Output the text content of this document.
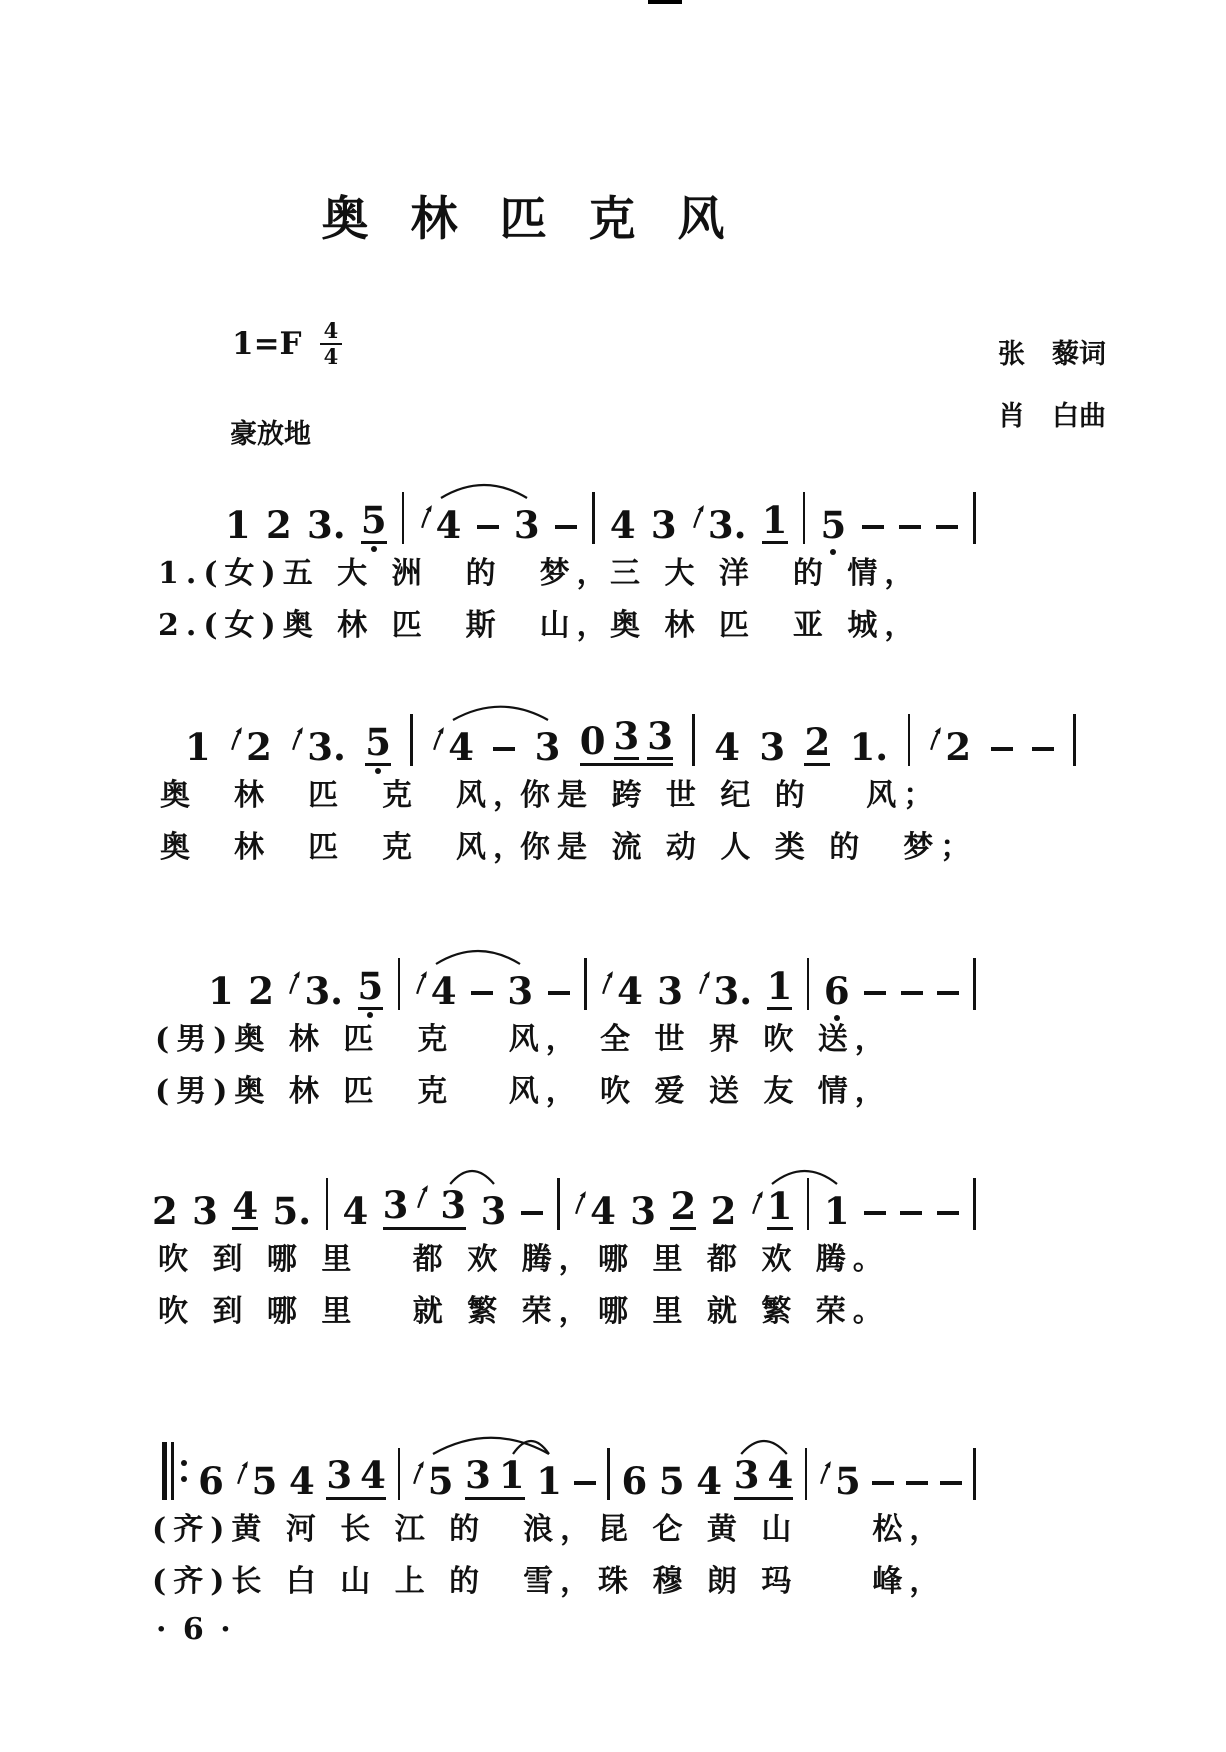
奥林匹克风
$1=F \frac{4}{4}$
豪放地
张　藜词
肖　白曲
1 2 3. 5 4 3 4 3 3. 1 5
1.(女)五 大 洲　的　梦，
三 大 洋　的 情，
2.(女)奥 林 匹　斯　山，
奥 林 匹　亚 城，
1 2 3. 5 4 3 0 3 3 4 3 2 1. 2
奥　林　匹　克　风，
你是 跨 世 纪 的　 风；
奥　林　匹　克　风，
你是 流 动 人 类 的　梦；
1 2 3. 5 4 3 4 3 3. 1 6
(男)奥 林 匹　克　 风， 全 世 界 吹 送，
(男)奥 林 匹　克　 风， 吹 爱 送 友 情，
2 3 4 5. 4 3 3 3 4 3 2 2 1 1
吹 到 哪 里　 都 欢 腾， 哪 里 都 欢 腾。
吹 到 哪 里　 就 繁 荣， 哪 里 就 繁 荣。
6 5 4 3 4 5 3 1 1 6 5 4 3 4 5
(齐)黄 河 长 江 的　浪， 昆 仑 黄 山　　松，
(齐)长 白 山 上 的　雪， 珠 穆 朗 玛　　峰，
· 6 ·
